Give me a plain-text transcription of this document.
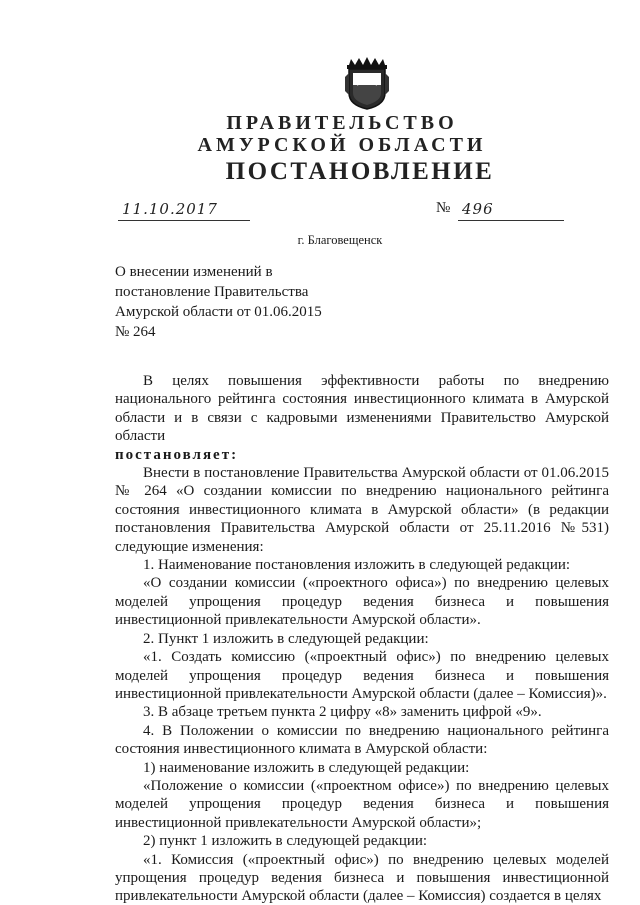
ПРАВИТЕЛЬСТВО
АМУРСКОЙ ОБЛАСТИ
ПОСТАНОВЛЕНИЕ
11.10.2017	№ 496
г. Благовещенск
О внесении изменений в
постановление Правительства
Амурской области от 01.06.2015
№ 264

В целях повышения эффективности работы по внедрению национального рейтинга состояния инвестиционного климата в Амурской области и в связи с кадровыми изменениями Правительство Амурской области

постановляет:

Внести в постановление Правительства Амурской области от 01.06.2015 № 264 «О создании комиссии по внедрению национального рейтинга состояния инвестиционного климата в Амурской области» (в редакции постановления Правительства Амурской области от 25.11.2016 №531) следующие изменения:

1. Наименование постановления изложить в следующей редакции:

«О создании комиссии («проектного офиса») по внедрению целевых моделей упрощения процедур ведения бизнеса и повышения инвестиционной привлекательности Амурской области».

2. Пункт 1 изложить в следующей редакции:

«1. Создать комиссию («проектный офис») по внедрению целевых моделей упрощения процедур ведения бизнеса и повышения инвестиционной привлекательности Амурской области (далее – Комиссия)».

3. В абзаце третьем пункта 2 цифру «8» заменить цифрой «9».

4. В Положении о комиссии по внедрению национального рейтинга состояния инвестиционного климата в Амурской области:

1) наименование изложить в следующей редакции:

«Положение о комиссии («проектном офисе») по внедрению целевых моделей упрощения процедур ведения бизнеса и повышения инвестиционной привлекательности Амурской области»;

2) пункт 1 изложить в следующей редакции:

«1. Комиссия («проектный офис») по внедрению целевых моделей упрощения процедур ведения бизнеса и повышения инвестиционной привлекательности Амурской области (далее – Комиссия) создается в целях
